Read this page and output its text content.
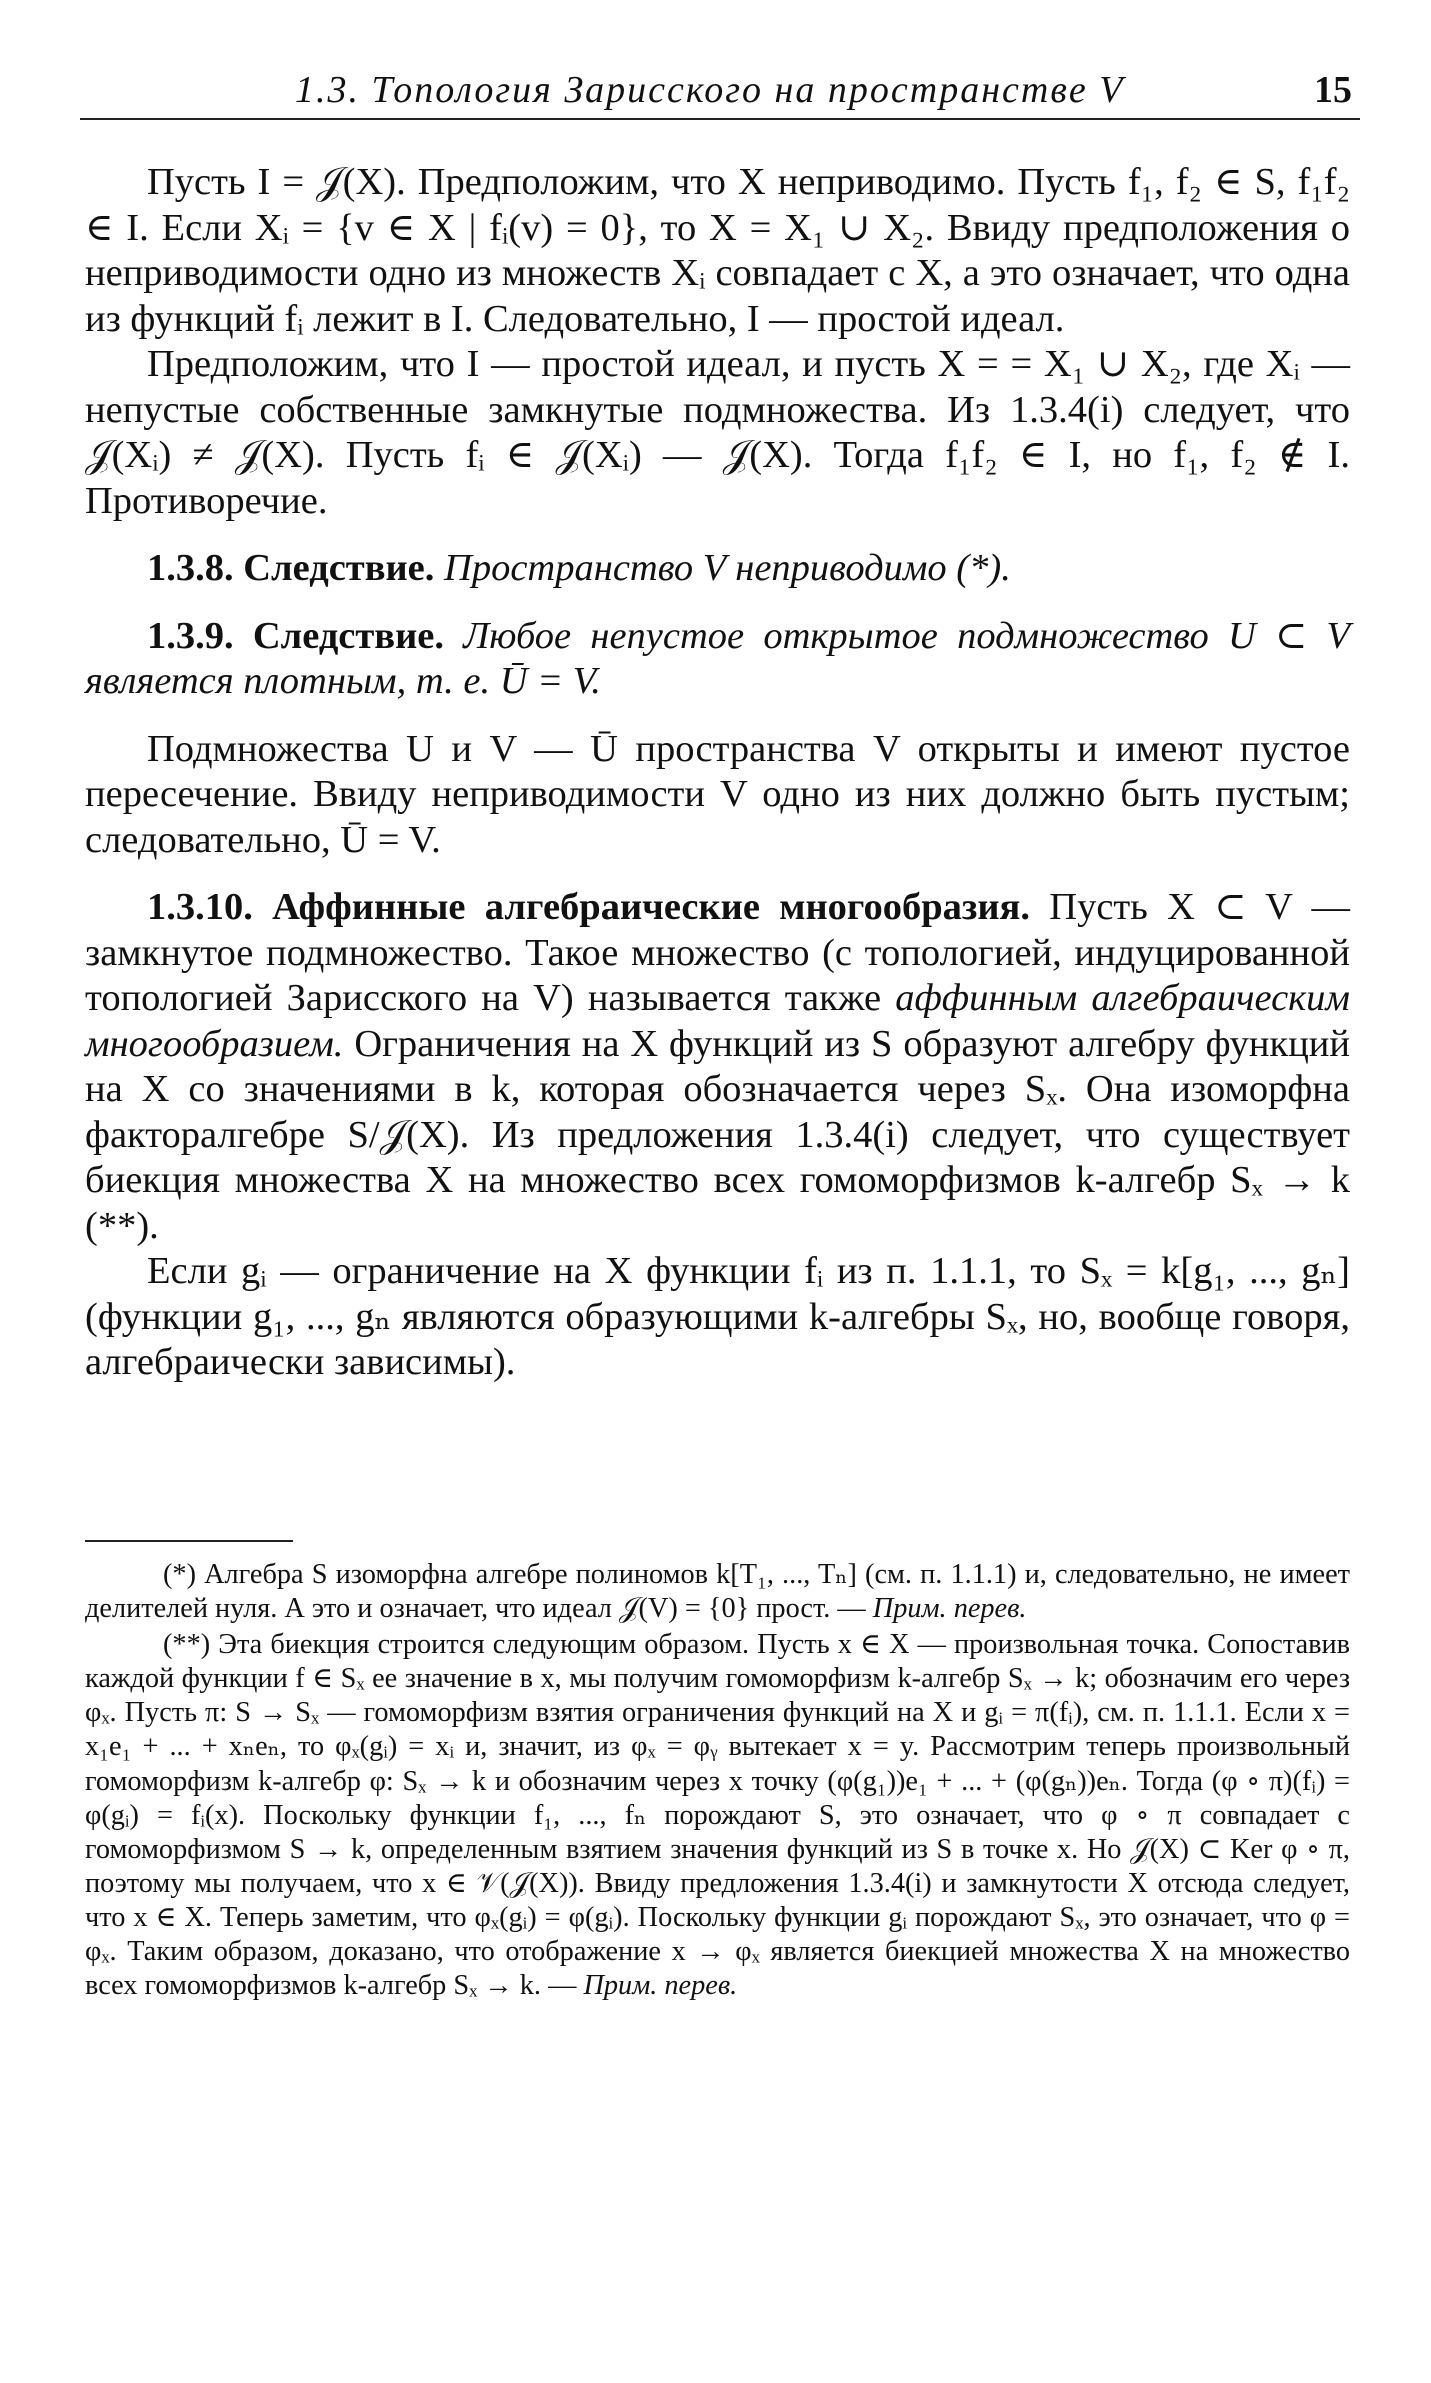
1.3. Топология Зарисского на пространстве V	15

Пусть I = 𝒥(X). Предположим, что X неприводимо. Пусть f₁, f₂ ∈ S, f₁f₂ ∈ I. Если Xᵢ = {v ∈ X | fᵢ(v) = 0}, то X = X₁ ∪ X₂. Ввиду предположения о неприводимости одно из множеств Xᵢ совпадает с X, а это означает, что одна из функций fᵢ лежит в I. Следовательно, I — простой идеал.

Предположим, что I — простой идеал, и пусть X = = X₁ ∪ X₂, где Xᵢ — непустые собственные замкнутые подмножества. Из 1.3.4(i) следует, что 𝒥(Xᵢ) ≠ 𝒥(X). Пусть fᵢ ∈ 𝒥(Xᵢ) — 𝒥(X). Тогда f₁f₂ ∈ I, но f₁, f₂ ∉ I. Противоречие.

1.3.8. Следствие. Пространство V неприводимо (*).

1.3.9. Следствие. Любое непустое открытое подмножество U ⊂ V является плотным, т. е. Ū = V.

Подмножества U и V — Ū пространства V открыты и имеют пустое пересечение. Ввиду неприводимости V одно из них должно быть пустым; следовательно, Ū = V.

1.3.10. Аффинные алгебраические многообразия. Пусть X ⊂ V — замкнутое подмножество. Такое множество (с топологией, индуцированной топологией Зарисского на V) называется также аффинным алгебраическим многообразием. Ограничения на X функций из S образуют алгебру функций на X со значениями в k, которая обозначается через Sₓ. Она изоморфна факторалгебре S/𝒥(X). Из предложения 1.3.4(i) следует, что существует биекция множества X на множество всех гомоморфизмов k-алгебр Sₓ → k (**).

Если gᵢ — ограничение на X функции fᵢ из п. 1.1.1, то Sₓ = k[g₁, ..., gₙ] (функции g₁, ..., gₙ являются образующими k-алгебры Sₓ, но, вообще говоря, алгебраически зависимы).

(*) Алгебра S изоморфна алгебре полиномов k[T₁, ..., Tₙ] (см. п. 1.1.1) и, следовательно, не имеет делителей нуля. А это и означает, что идеал 𝒥(V) = {0} прост. — Прим. перев.

(**) Эта биекция строится следующим образом. Пусть x ∈ X — произвольная точка. Сопоставив каждой функции f ∈ Sₓ ее значение в x, мы получим гомоморфизм k-алгебр Sₓ → k; обозначим его через φₓ. Пусть π: S → Sₓ — гомоморфизм взятия ограничения функций на X и gᵢ = π(fᵢ), см. п. 1.1.1. Если x = x₁e₁ + ... + xₙeₙ, то φₓ(gᵢ) = xᵢ и, значит, из φₓ = φᵧ вытекает x = y. Рассмотрим теперь произвольный гомоморфизм k-алгебр φ: Sₓ → k и обозначим через x точку (φ(g₁))e₁ + ... + (φ(gₙ))eₙ. Тогда (φ ∘ π)(fᵢ) = φ(gᵢ) = fᵢ(x). Поскольку функции f₁, ..., fₙ порождают S, это означает, что φ ∘ π совпадает с гомоморфизмом S → k, определенным взятием значения функций из S в точке x. Но 𝒥(X) ⊂ Ker φ ∘ π, поэтому мы получаем, что x ∈ 𝒱(𝒥(X)). Ввиду предложения 1.3.4(i) и замкнутости X отсюда следует, что x ∈ X. Теперь заметим, что φₓ(gᵢ) = φ(gᵢ). Поскольку функции gᵢ порождают Sₓ, это означает, что φ = φₓ. Таким образом, доказано, что отображение x → φₓ является биекцией множества X на множество всех гомоморфизмов k-алгебр Sₓ → k. — Прим. перев.
